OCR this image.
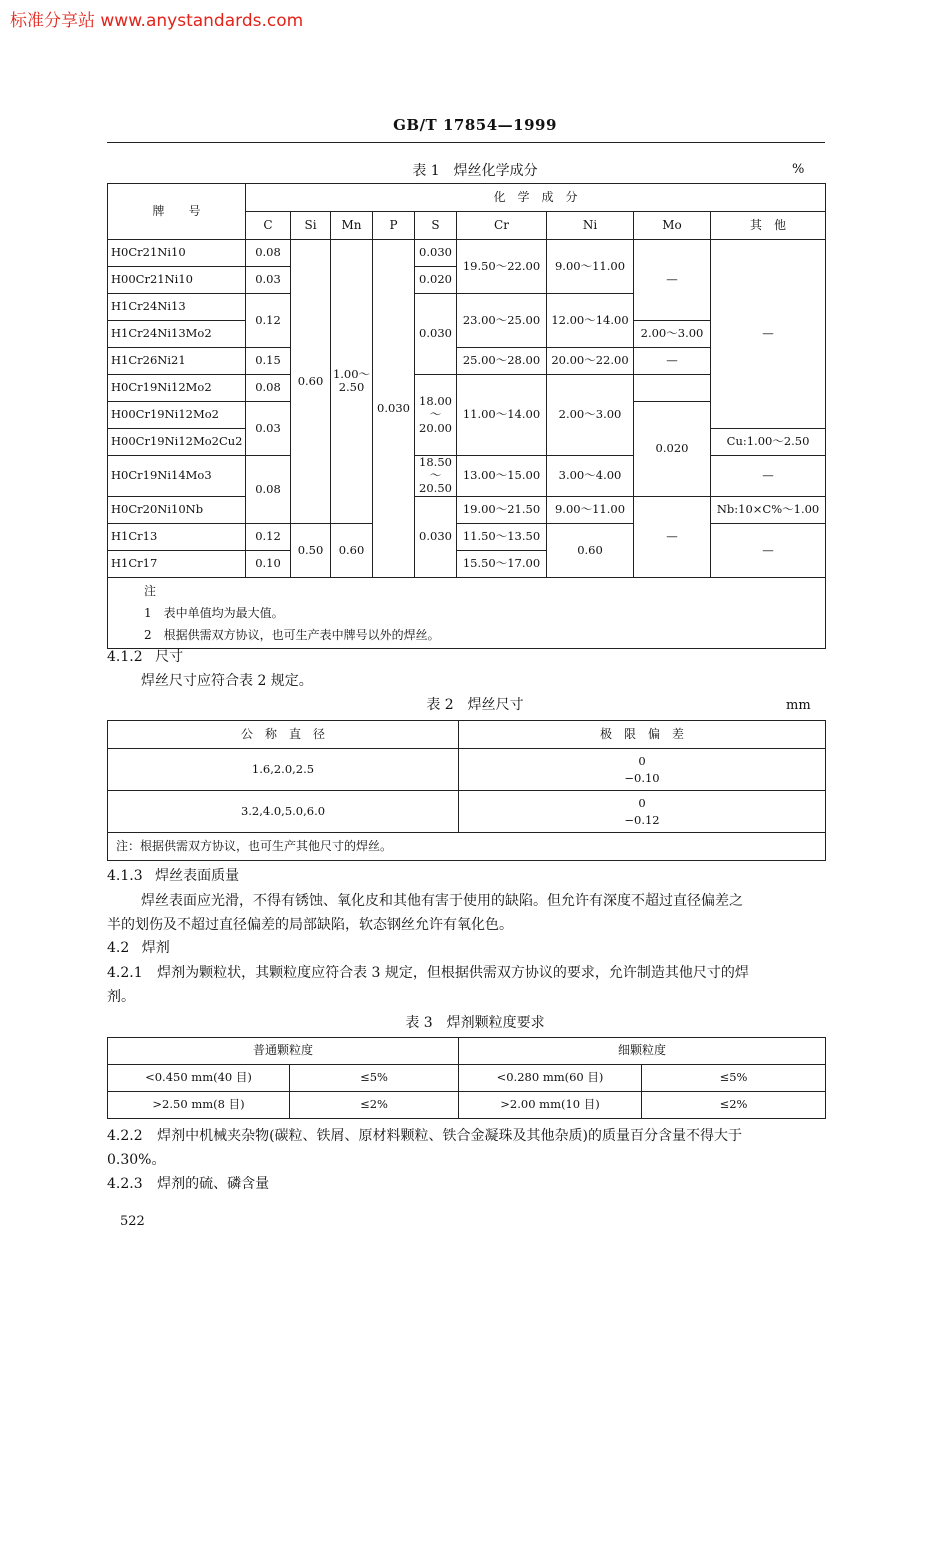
标准分享站 www.anystandards.com
GB/T 17854—1999
表 1　焊丝化学成分	%
牌　　号	化　学　成　分								
	C	Si	Mn	P	S	Cr	Ni	Mo	其　他
H0Cr21Ni10	0.08	0.60	1.00～2.50	0.030	0.030	19.50～22.00	9.00～11.00	—	—
H00Cr21Ni10	0.03				0.020				
H1Cr24Ni13	0.12				0.030	23.00～25.00	12.00～14.00		
H1Cr24Ni13Mo2								2.00～3.00	
H1Cr26Ni21	0.15					25.00～28.00	20.00～22.00	—	
H0Cr19Ni12Mo2	0.08				18.00～20.00	11.00～14.00	2.00～3.00		
H00Cr19Ni12Mo2	0.03							0.020	
H00Cr19Ni12Mo2Cu2									Cu:1.00～2.50
H0Cr19Ni14Mo3	0.08				18.50～20.50	13.00～15.00	3.00～4.00		—
H0Cr20Ni10Nb					0.030	19.00～21.50	9.00～11.00	—	Nb:10×C%～1.00
H1Cr13	0.12	0.50	0.60			11.50～13.50	0.60		—
H1Cr17	0.10					15.50～17.00			

注
1　表中单值均为最大值。
2　根据供需双方协议，也可生产表中牌号以外的焊丝。									
4.1.2 尺寸
焊丝尺寸应符合表 2 规定。
表 2　焊丝尺寸	mm
公　称　直　径	极　限　偏　差
1.6,2.0,2.5	0
−0.10

3.2,4.0,5.0,6.0	0
−0.12

注：根据供需双方协议，也可生产其他尺寸的焊丝。	
4.1.3 焊丝表面质量
焊丝表面应光滑，不得有锈蚀、氧化皮和其他有害于使用的缺陷。但允许有深度不超过直径偏差之
半的划伤及不超过直径偏差的局部缺陷，软态钢丝允许有氧化色。
4.2 焊剂
4.2.1 焊剂为颗粒状，其颗粒度应符合表 3 规定，但根据供需双方协议的要求，允许制造其他尺寸的焊
剂。
表 3　焊剂颗粒度要求
普通颗粒度		细颗粒度	
<0.450 mm(40 目)	≤5%	<0.280 mm(60 目)	≤5%
>2.50 mm(8 目)	≤2%	>2.00 mm(10 目)	≤2%
4.2.2 焊剂中机械夹杂物(碳粒、铁屑、原材料颗粒、铁合金凝珠及其他杂质)的质量百分含量不得大于
0.30%。
4.2.3 焊剂的硫、磷含量
522
